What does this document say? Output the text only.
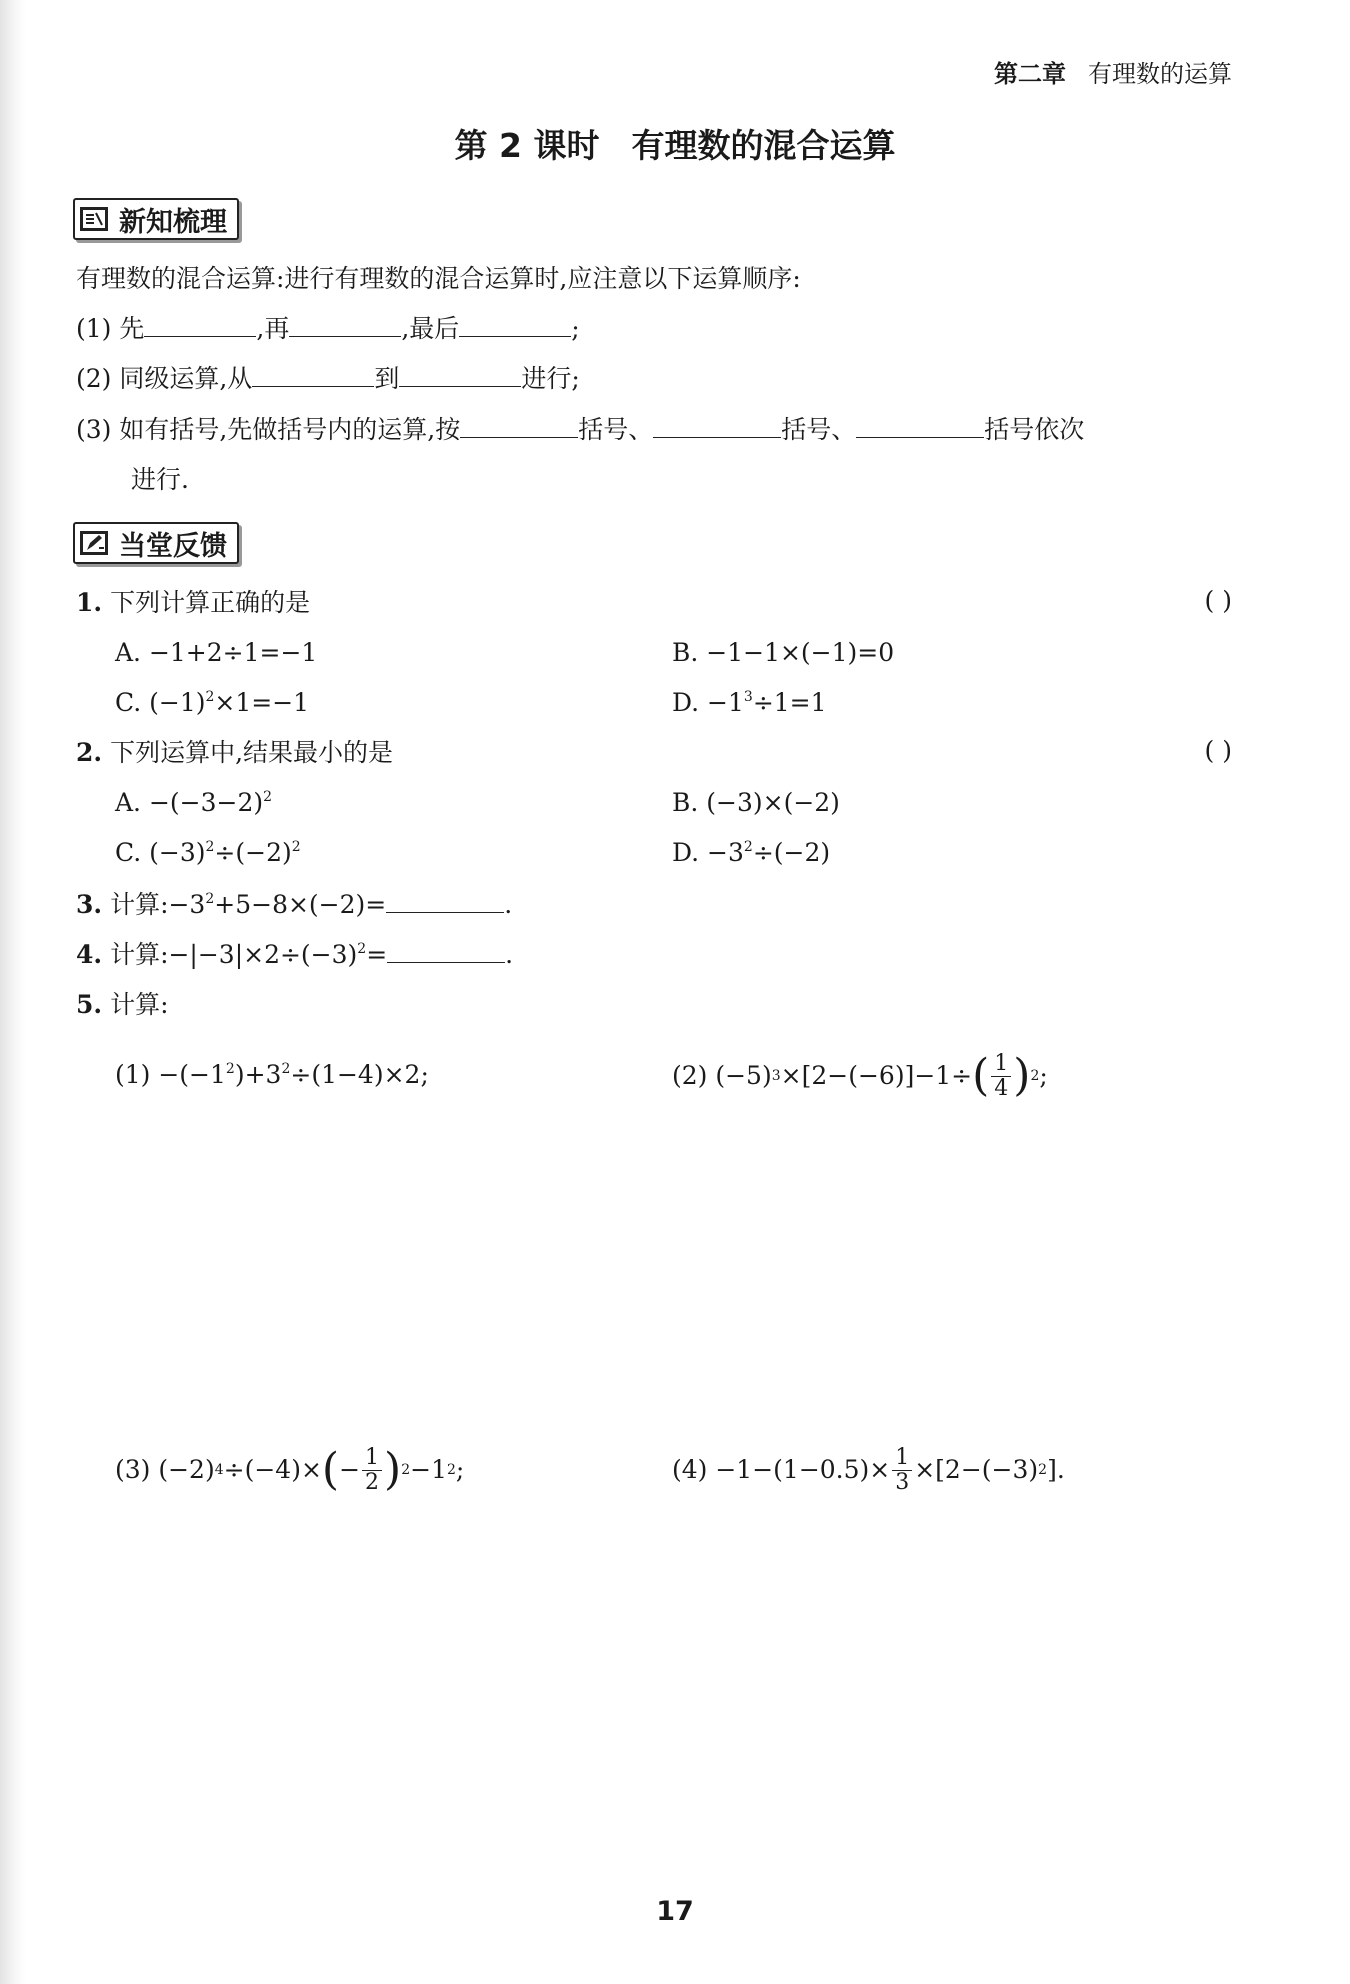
第二章 有理数的运算
第 2 课时 有理数的混合运算
新知梳理
有理数的混合运算:进行有理数的混合运算时,应注意以下运算顺序:
(1) 先	,再	,最后	;
(2) 同级运算,从	到	进行;
(3) 如有括号,先做括号内的运算,按	括号、	括号、	括号依次
进行.
当堂反馈
1. 下列计算正确的是	( )
A. −1+2÷1=−1	B. −1−1×(−1)=0
C. $(-1)^2\times 1=-1$	D. $-1^3\div 1=1$
2. 下列运算中,结果最小的是	( )
A. $-(-3-2)^2$	B. (−3)×(−2)
C. $(-3)^2\div(-2)^2$	D. $-3^2\div(-2)$
3. 计算$:-3^2+5-8\times(-2)=$	.
4. 计算$:-|-3|\times 2\div(-3)^2=$	.
5. 计算:
$(1) -(-1^2)+3^2\div(1-4)\times 2$;	(2) (−5) 3 ×[2−(−6)]−1÷ ( $\frac{1}{4}$ ) 2 ;
(3) (−2) 4 ÷(−4)× ( − $\frac{1}{2}$ ) 2 −1 2 ;	$(4) -1-(1-0.5)\times \frac{1}{3} \times[2-(-3)$ 2 ].
17
